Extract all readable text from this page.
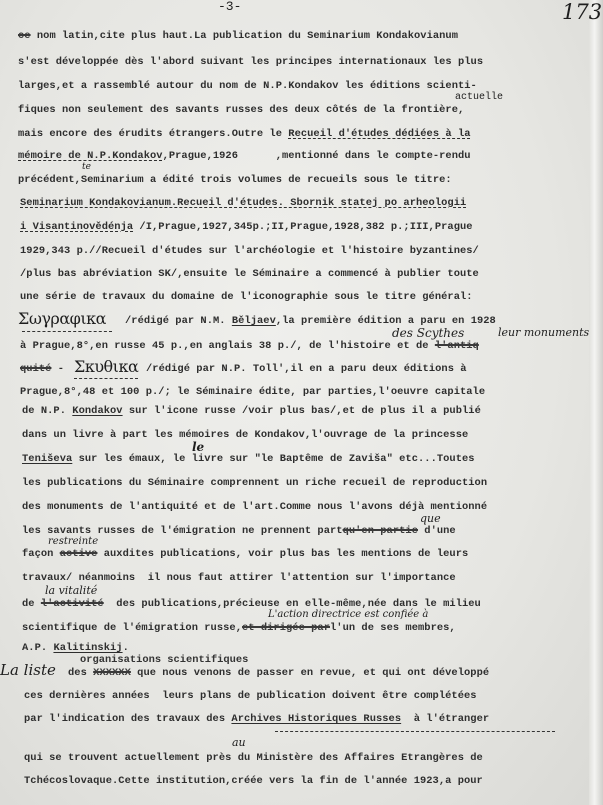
-3-	173
ce nom latin,cite plus haut.La publication du Seminarium Kondakovianum
s'est développée dès l'abord suivant les principes internationaux les plus
larges,et a rassemblé autour du nom de N.P.Kondakov les éditions scienti-
fiques non seulement des savants russes des deux côtés de la frontière,
mais encore des érudits étrangers.Outre le Recueil d'études dédiées à la
mémoire de N.P.Kondakov,Prague,1926      ,mentionné dans le compte-rendu
précédent,Seminarium a édité trois volumes de recueils sous le titre:
Seminarium Kondakovianum.Recueil d'études. Sbornik statej po arheologii
i Visantinovědénja /I,Prague,1927,345p.;II,Prague,1928,382 p.;III,Prague
1929,343 p.//Recueil d'études sur l'archéologie et l'histoire byzantines/
/plus bas abréviation SK/,ensuite le Séminaire a commencé à publier toute
une série de travaux du domaine de l'iconographie sous le titre général:
Σωγραφικα /rédigé par N.M. Běljaev,la première édition a paru en 1928
à Prague,8°,en russe 45 p.,en anglais 38 p./, de l'histoire et de l'antiq
quité - Σκυθικα /rédigé par N.P. Toll',il en a paru deux éditions à
Prague,8°,48 et 100 p./; le Séminaire édite, par parties,l'oeuvre capitale
de N.P. Kondakov sur l'icone russe /voir plus bas/,et de plus il a publié
dans un livre à part les mémoires de Kondakov,l'ouvrage de la princesse
Teniševa sur les émaux, le livre sur "le Baptême de Zaviša" etc...Toutes
les publications du Séminaire comprennent un riche recueil de reproduction
des monuments de l'antiquité et de l'art.Comme nous l'avons déjà mentionné
les savants russes de l'émigration ne prennent partqu'en partie d'une
façon active auxdites publications, voir plus bas les mentions de leurs
travaux/ néanmoins  il nous faut attirer l'attention sur l'importance
de l'activité  des publications,précieuse en elle-même,née dans le milieu
scientifique de l'émigration russe,et dirigée parl'un de ses membres,
A.P. Kalitinskij.
La liste des XXXXXX que nous venons de passer en revue, et qui ont développé
ces dernières années  leurs plans de publication doivent être complétées
par l'indication des travaux des Archives Historiques Russes  à l'étranger
qui se trouvent actuellement près du Ministère des Affaires Etrangères de
Tchécoslovaque.Cette institution,créée vers la fin de l'année 1923,a pour
actuelle
te
des Scythes	leur monuments
le
que
restreinte
la vitalité
L'action directrice est confiée à
organisations scientifiques
au
